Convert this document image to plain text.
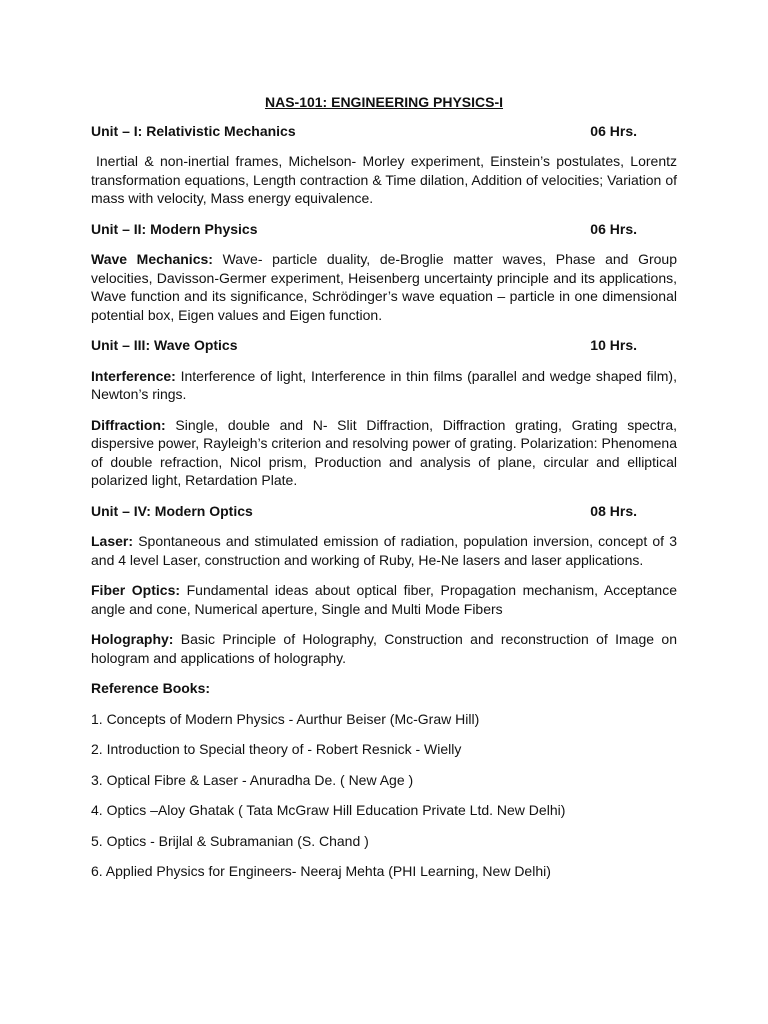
NAS-101: ENGINEERING PHYSICS-I
Unit – I: Relativistic Mechanics	06 Hrs.
Inertial & non-inertial frames, Michelson- Morley experiment, Einstein’s postulates, Lorentz transformation equations, Length contraction & Time dilation, Addition of velocities; Variation of mass with velocity, Mass energy equivalence.
Unit – II: Modern Physics	06 Hrs.
Wave Mechanics: Wave- particle duality, de-Broglie matter waves, Phase and Group velocities, Davisson-Germer experiment, Heisenberg uncertainty principle and its applications, Wave function and its significance, Schrödinger’s wave equation – particle in one dimensional potential box, Eigen values and Eigen function.
Unit – III: Wave Optics	10 Hrs.
Interference: Interference of light, Interference in thin films (parallel and wedge shaped film), Newton’s rings.
Diffraction: Single, double and N- Slit Diffraction, Diffraction grating, Grating spectra, dispersive power, Rayleigh’s criterion and resolving power of grating. Polarization: Phenomena of double refraction, Nicol prism, Production and analysis of plane, circular and elliptical polarized light, Retardation Plate.
Unit – IV: Modern Optics	08 Hrs.
Laser: Spontaneous and stimulated emission of radiation, population inversion, concept of 3 and 4 level Laser, construction and working of Ruby, He-Ne lasers and laser applications.
Fiber Optics: Fundamental ideas about optical fiber, Propagation mechanism, Acceptance angle and cone, Numerical aperture, Single and Multi Mode Fibers
Holography: Basic Principle of Holography, Construction and reconstruction of Image on hologram and applications of holography.
Reference Books:
1. Concepts of Modern Physics - Aurthur Beiser (Mc-Graw Hill)
2. Introduction to Special theory of - Robert Resnick - Wielly
3. Optical Fibre & Laser - Anuradha De. ( New Age )
4. Optics –Aloy Ghatak ( Tata McGraw Hill Education Private Ltd. New Delhi)
5. Optics - Brijlal & Subramanian (S. Chand )
6. Applied Physics for Engineers- Neeraj Mehta (PHI Learning, New Delhi)
